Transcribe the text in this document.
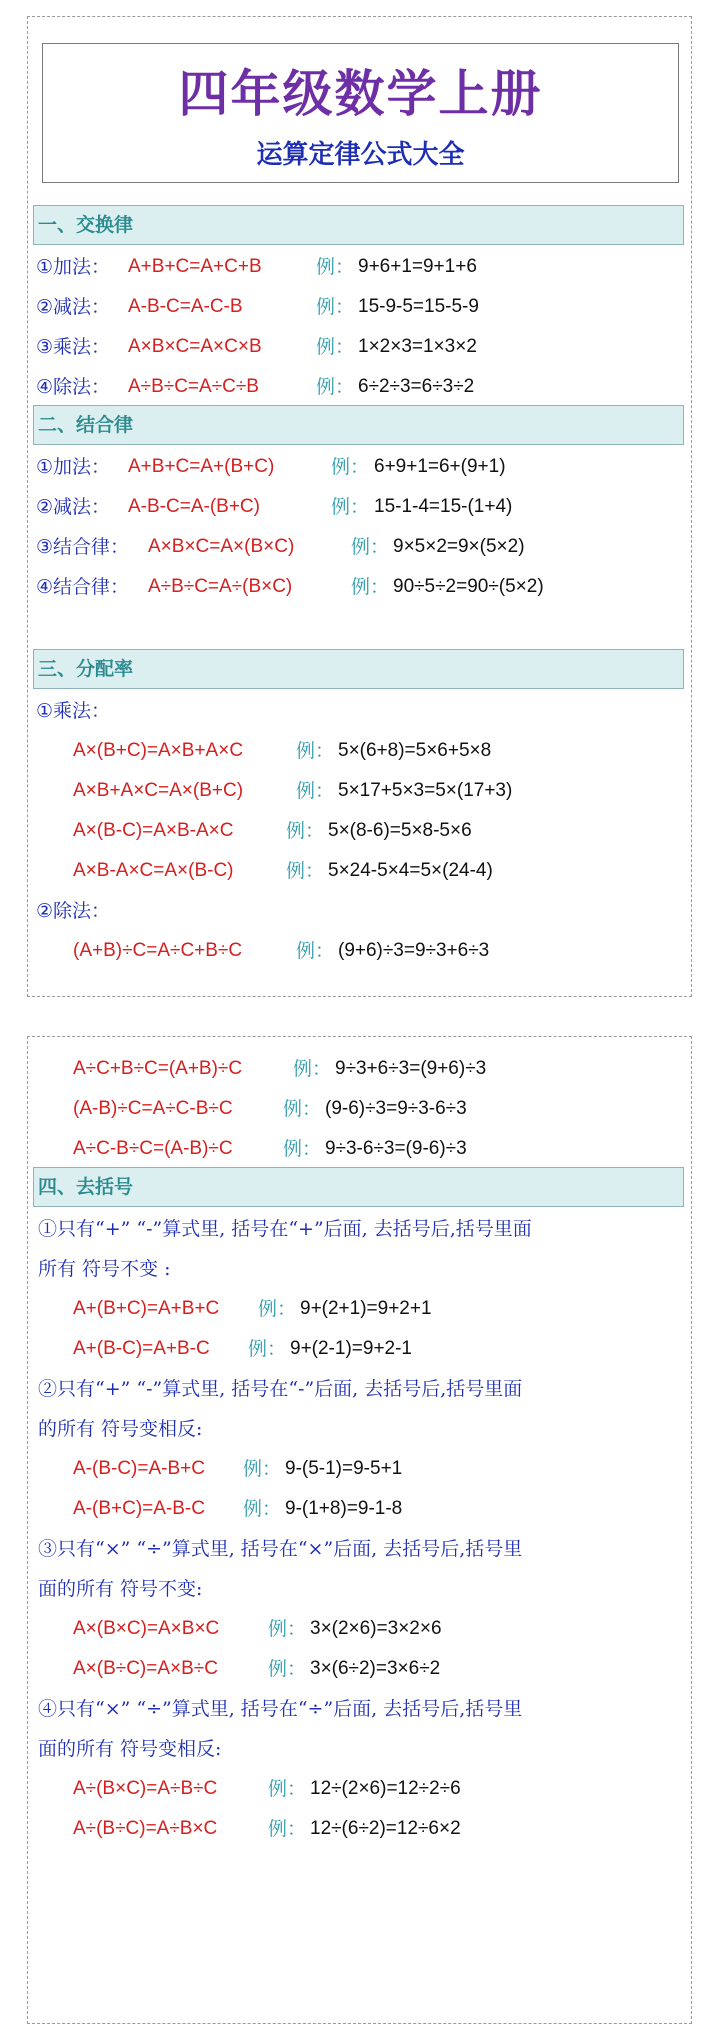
四年级数学上册
运算定律公式大全
一、交换律
①加法： A+B+C=A+C+B	例： 9+6+1=9+1+6
②减法： A-B-C=A-C-B	例： 15-9-5=15-5-9
③乘法： A×B×C=A×C×B	例： 1×2×3=1×3×2
④除法： A÷B÷C=A÷C÷B	例： 6÷2÷3=6÷3÷2
二、结合律
①加法： A+B+C=A+(B+C)	例： 6+9+1=6+(9+1)
②减法： A-B-C=A-(B+C)	例： 15-1-4=15-(1+4)
③结合律： A×B×C=A×(B×C)	例： 9×5×2=9×(5×2)
④结合律： A÷B÷C=A÷(B×C)	例： 90÷5÷2=90÷(5×2)
三、分配率
①乘法：
A×(B+C)=A×B+A×C	例： 5×(6+8)=5×6+5×8
A×B+A×C=A×(B+C)	例： 5×17+5×3=5×(17+3)
A×(B-C)=A×B-A×C	例： 5×(8-6)=5×8-5×6
A×B-A×C=A×(B-C)	例： 5×24-5×4=5×(24-4)
②除法：
(A+B)÷C=A÷C+B÷C	例： (9+6)÷3=9÷3+6÷3
A÷C+B÷C=(A+B)÷C	例： 9÷3+6÷3=(9+6)÷3
(A-B)÷C=A÷C-B÷C	例： (9-6)÷3=9÷3-6÷3
A÷C-B÷C=(A-B)÷C	例： 9÷3-6÷3=(9-6)÷3
四、去括号
①只有“+” “-”算式里, 括号在“+”后面, 去括号后,括号里面
所有 符号不变 :
A+(B+C)=A+B+C 例： 9+(2+1)=9+2+1
A+(B-C)=A+B-C 例： 9+(2-1)=9+2-1
②只有“+” “-”算式里, 括号在“-”后面, 去括号后,括号里面
的所有 符号变相反:
A-(B-C)=A-B+C 例： 9-(5-1)=9-5+1
A-(B+C)=A-B-C 例： 9-(1+8)=9-1-8
③只有“×” “÷”算式里, 括号在“×”后面, 去括号后,括号里
面的所有 符号不变:
A×(B×C)=A×B×C	例： 3×(2×6)=3×2×6
A×(B÷C)=A×B÷C	例： 3×(6÷2)=3×6÷2
④只有“×” “÷”算式里, 括号在“÷”后面, 去括号后,括号里
面的所有 符号变相反:
A÷(B×C)=A÷B÷C	例： 12÷(2×6)=12÷2÷6
A÷(B÷C)=A÷B×C	例： 12÷(6÷2)=12÷6×2
